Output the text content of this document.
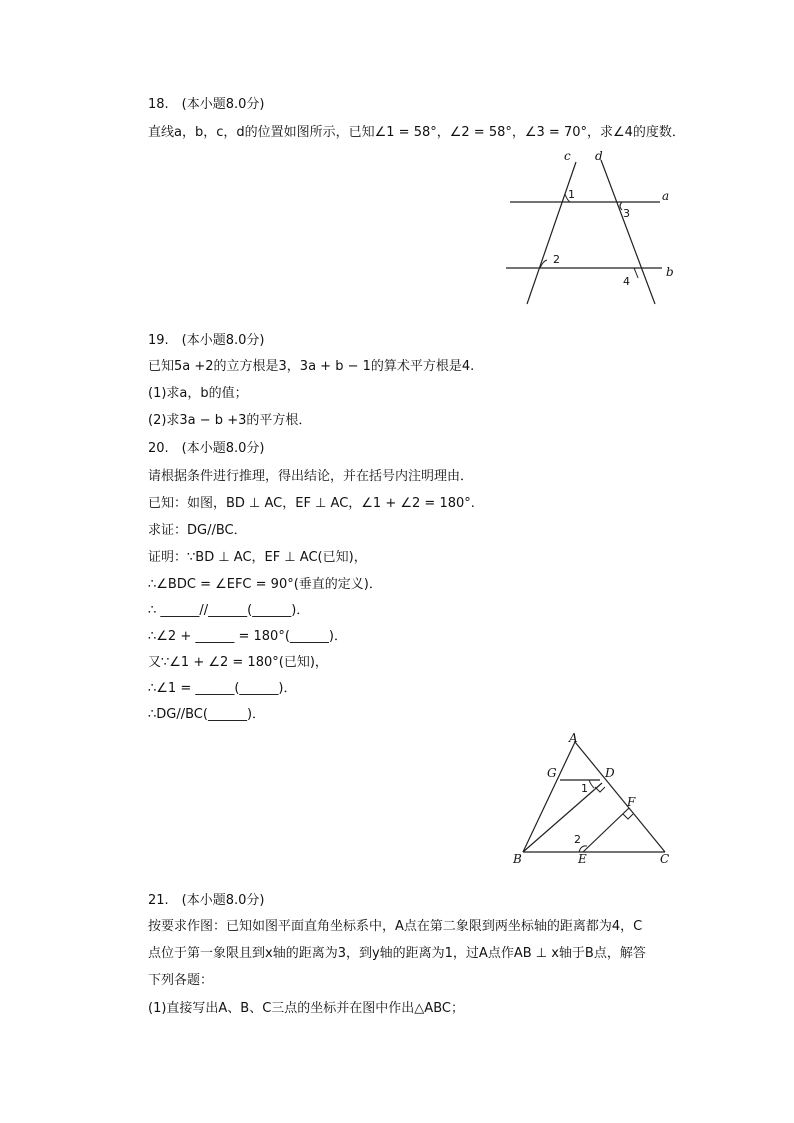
18.　(本小题8.0分)
直线a，b，c，d的位置如图所示，已知∠1 = 58°，∠2 = 58°，∠3 = 70°，求∠4的度数．
c d
a
b
1
3
2
4
19.　(本小题8.0分)
已知5a +2的立方根是3，3a + b − 1的算术平方根是4.
(1)求a，b的值；
(2)求3a − b +3的平方根．
20.　(本小题8.0分)
请根据条件进行推理，得出结论，并在括号内注明理由．
已知：如图，BD ⊥ AC，EF ⊥ AC，∠1 + ∠2 = 180°.
求证：DG//BC．
证明：∵BD ⊥ AC，EF ⊥ AC(已知)，
∴∠BDC = ∠EFC = 90°(垂直的定义)．
∴ ______//______(______)．
∴∠2 + ______ = 180°(______)．
又∵∠1 + ∠2 = 180°(已知)，
∴∠1 = ______(______)．
∴DG//BC(______)．
A
G	D
F
B	E	C
1
2
21.　(本小题8.0分)
按要求作图：已知如图平面直角坐标系中，A点在第二象限到两坐标轴的距离都为4，C
点位于第一象限且到x轴的距离为3，到y轴的距离为1，过A点作AB ⊥ x轴于B点，解答
下列各题：
(1)直接写出A、B、C三点的坐标并在图中作出△ABC；
